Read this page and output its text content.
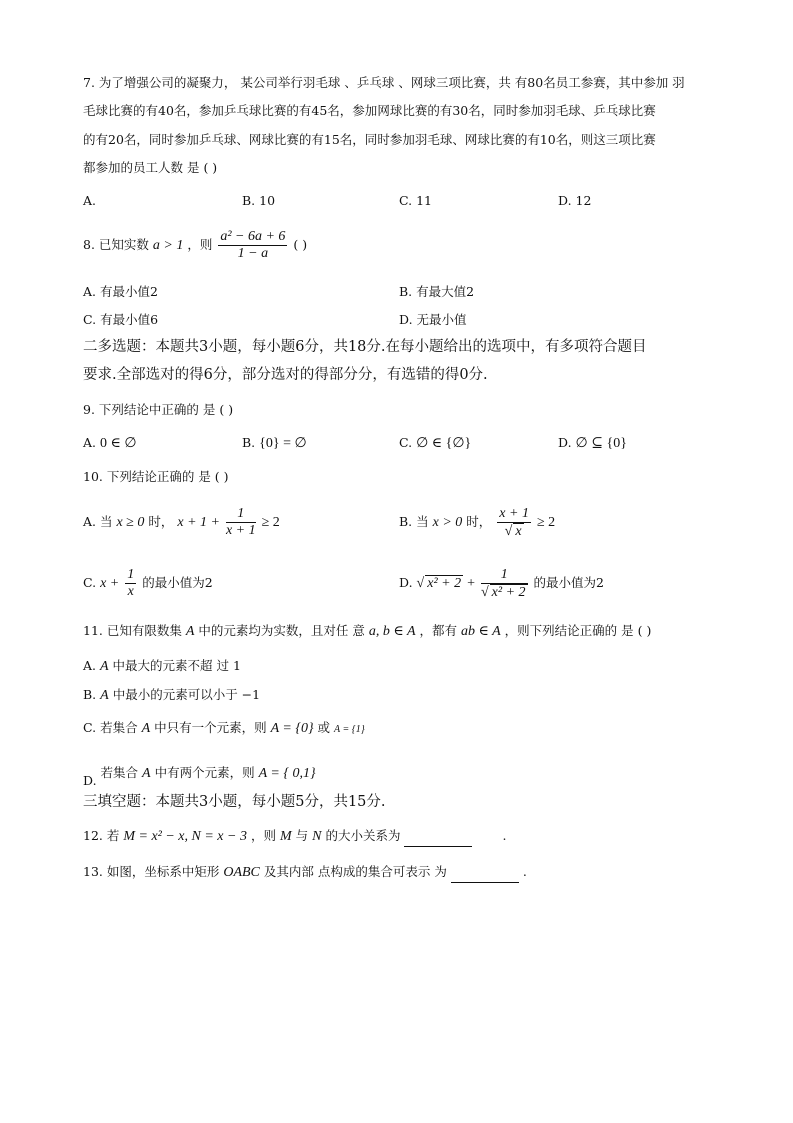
7. 为了增强公司的凝聚力， 某公司举行羽毛球 、乒乓球 、网球三项比赛，共 有80名员工参赛，其中参加 羽
毛球比赛的有40名，参加乒乓球比赛的有45名，参加网球比赛的有30名，同时参加羽毛球、乒乓球比赛
的有20名，同时参加乒乓球、网球比赛的有15名，同时参加羽毛球、网球比赛的有10名，则这三项比赛
都参加的员工人数 是 ( )
A.	B. 10	C. 11	D. 12
8. 已知实数 a > 1 ，则 $\frac{\text{a² − 6a + 6}}{1 - a}$ ( )
A. 有最小值2	B. 有最大值2
C. 有最小值6	D. 无最小值
二多选题：本题共3小题，每小题6分，共18分.在每小题给出的选项中，有多项符合题目
要求.全部选对的得6分，部分选对的得部分分，有选错的得0分.
9. 下列结论中正确的 是 ( )
A. 0 ∈ ∅	B. {0} = ∅	C. ∅ ∈ {∅}	D. ∅ ⊆ {0}
10. 下列结论正确的 是 ( )
A. 当 x ≥ 0 时， $x + 1 + \frac{1}{x + 1} \ge 2$	B. 当 x > 0 时， $\frac{x + 1}{√ x} \ge 2$
C. $x + \frac{1}{x}$ 的最小值为2	D. √ $x^2 + 2 + \frac{1}{\text{√ x² + 2}}$ 的最小值为2
11. 已知有限数集 A 中的元素均为实数，且对任 意 a, b ∈ A ，都有 ab ∈ A ，则下列结论正确的 是 ( )
A. A 中最大的元素不超 过 1
B. A 中最小的元素可以小于 −1
C. 若集合 A 中只有一个元素，则 A = {0} 或 A = {1}
D. 若集合 A 中有两个元素，则 A = { 0,1}
三填空题：本题共3小题，每小题5分，共15分.
12. 若 M = x² − x, N = x − 3 ，则 M 与 N 的大小关系为	.
13. 如图，坐标系中矩形 OABC 及其内部 点构成的集合可表示 为	.
